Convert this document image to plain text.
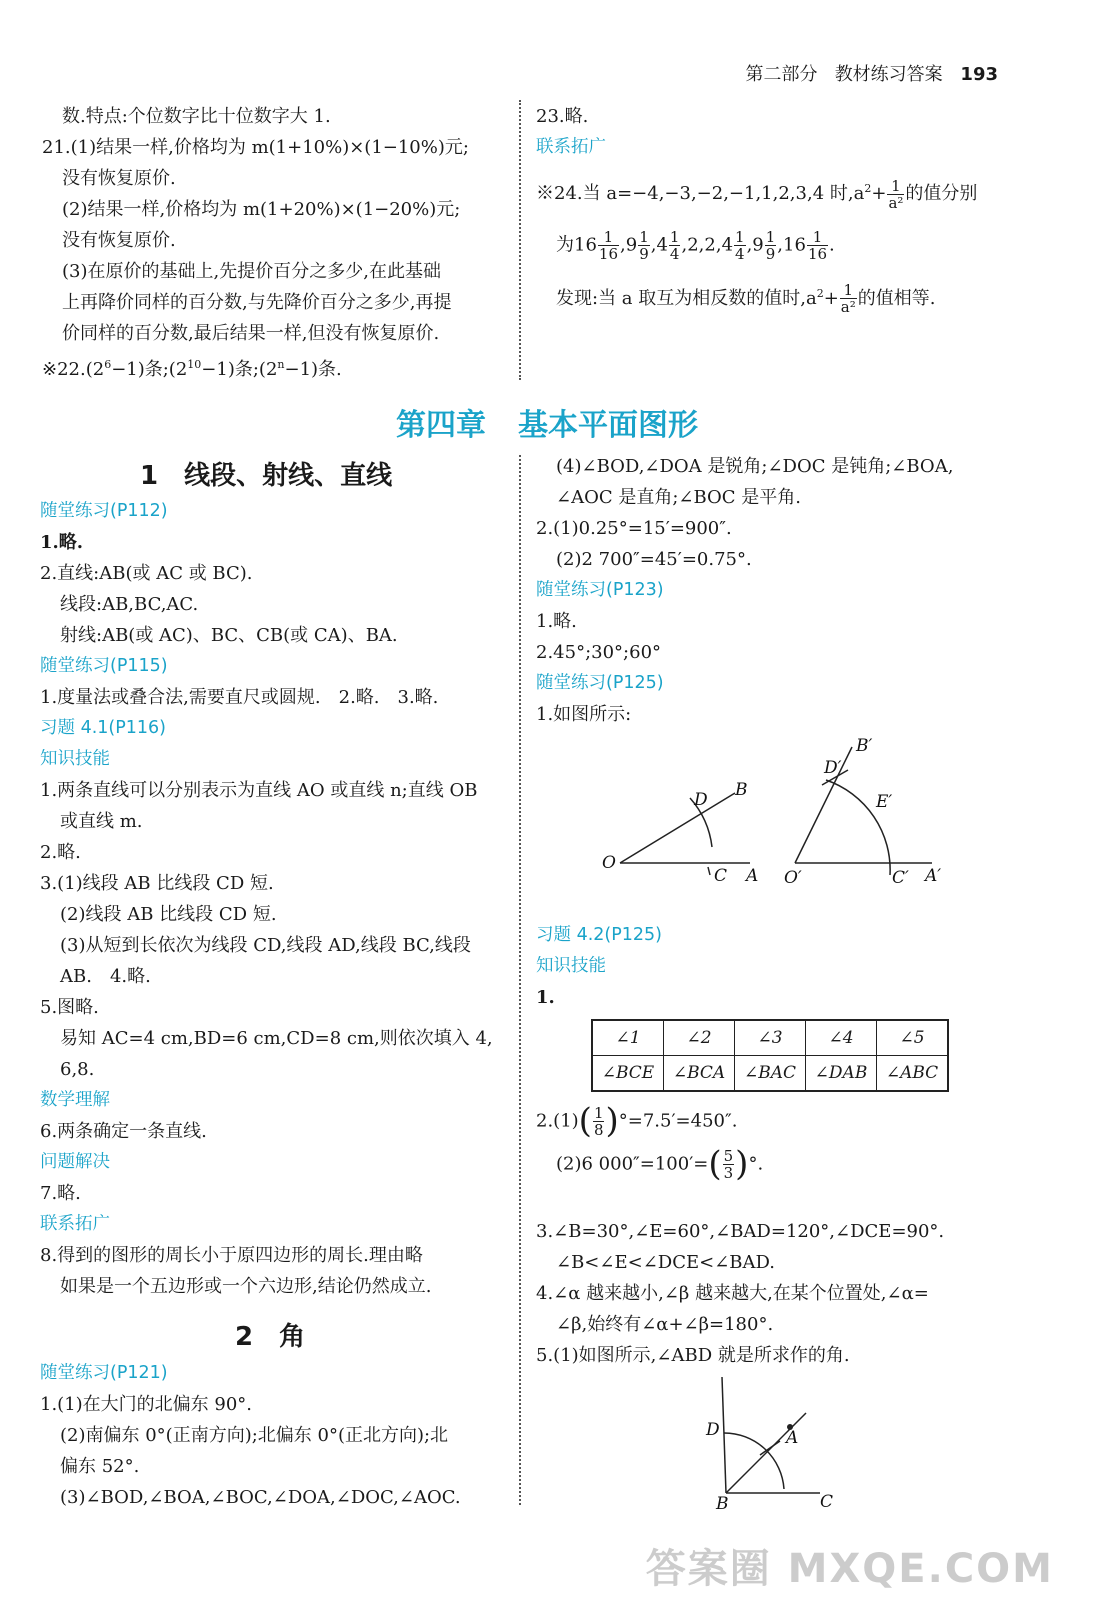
第二部分 教材练习答案 193
数.特点:个位数字比十位数字大 1.
21.(1)结果一样,价格均为 m(1+10%)×(1−10%)元;
没有恢复原价.
(2)结果一样,价格均为 m(1+20%)×(1−20%)元;
没有恢复原价.
(3)在原价的基础上,先提价百分之多少,在此基础
上再降价同样的百分数,与先降价百分之多少,再提
价同样的百分数,最后结果一样,但没有恢复原价.
$※22.(2^6-1)$条$;(2^{10}-1)$条$;(2^n-1)$条.
23.略.
联系拓广
※24.当 a=−4,−3,−2,−1,1,2,3,4 时$,a^2+ \frac{1}{\text{a²}}$ 的值分别
为$16 \frac{1}{16} ,9 \frac{1}{9} ,4 \frac{1}{4} ,2,2,4 \frac{1}{4} ,9 \frac{1}{9} ,16 \frac{1}{16}$ .
发现:当 a 取互为相反数的值时$,a^2+ \frac{1}{\text{a²}}$ 的值相等.
第四章 基本平面图形
1　线段、射线、直线
随堂练习(P112)
1.略.
2.直线:AB(或 AC 或 BC).
线段:AB,BC,AC.
射线:AB(或 AC)、BC、CB(或 CA)、BA.
随堂练习(P115)
1.度量法或叠合法,需要直尺或圆规.　2.略.　3.略.
习题 4.1(P116)
知识技能
1.两条直线可以分别表示为直线 AO 或直线 n;直线 OB
或直线 m.
2.略.
3.(1)线段 AB 比线段 CD 短.
(2)线段 AB 比线段 CD 短.
(3)从短到长依次为线段 CD,线段 AD,线段 BC,线段
AB.　4.略.
5.图略.
易知 AC=4 cm,BD=6 cm,CD=8 cm,则依次填入 4,
6,8.
数学理解
6.两条确定一条直线.
问题解决
7.略.
联系拓广
8.得到的图形的周长小于原四边形的周长.理由略
如果是一个五边形或一个六边形,结论仍然成立.
2　角
随堂练习(P121)
1.(1)在大门的北偏东 90°.
(2)南偏东 0°(正南方向);北偏东 0°(正北方向);北
偏东 52°.
(3)∠BOD,∠BOA,∠BOC,∠DOA,∠DOC,∠AOC.
(4)∠BOD,∠DOA 是锐角;∠DOC 是钝角;∠BOA,
∠AOC 是直角;∠BOC 是平角.
2.(1)0.25°=15′=900″.
(2)2 700″=45′=0.75°.
随堂练习(P123)
1.略.
2.45°;30°;60°
随堂练习(P125)
1.如图所示:
O
A
B
C
D
O′	A′
B′
C′
D′
E′
习题 4.2(P125)
知识技能
1.
∠1	∠2	∠3	∠4	∠5
∠BCE	∠BCA	∠BAC	∠DAB	∠ABC
$2.(1)( \frac{1}{8} )^\circ=7.5'=450''$.
(2)6 $000''=100'=( \frac{5}{3}$ )°.
3.∠B=30°,∠E=60°,∠BAD=120°,∠DCE=90°.
∠B<∠E<∠DCE<∠BAD.
4.∠α 越来越小,∠β 越来越大,在某个位置处,∠α=
∠β,始终有∠α+∠β=180°.
5.(1)如图所示,∠ABD 就是所求作的角.
B	C
D	A
答案圈 MXQE.COM
